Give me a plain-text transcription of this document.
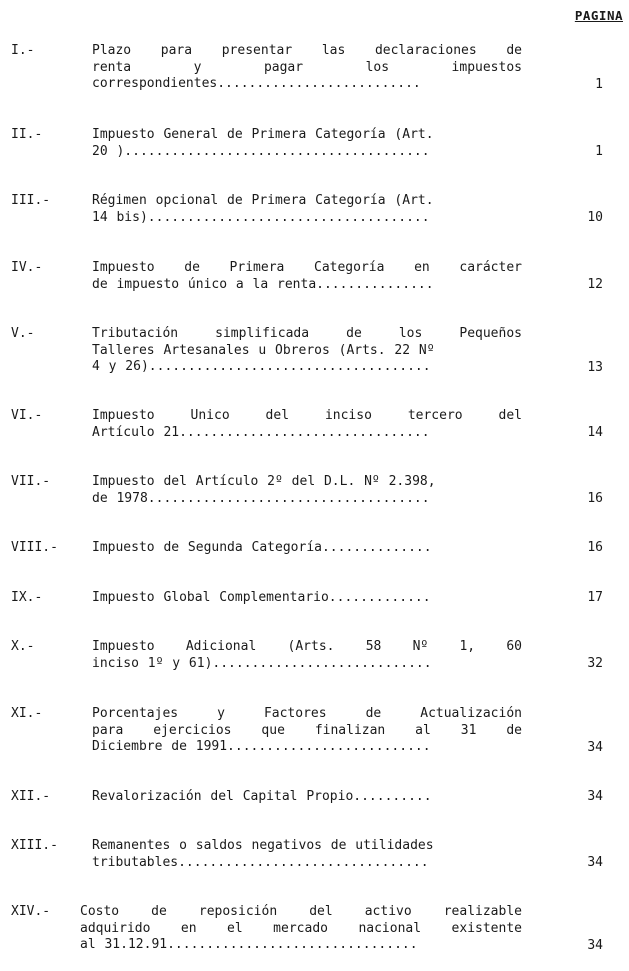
PAGINA
I.-	Plazo para presentar las declaraciones de
renta y pagar los impuestos
correspondientes..........................	1
II.-	Impuesto General de Primera Categoría (Art.
20 ).......................................	1
III.-	Régimen opcional de Primera Categoría (Art.
14 bis)....................................	10
IV.-	Impuesto de Primera Categoría en carácter
de impuesto único a la renta...............	12
V.-	Tributación simplificada de los Pequeños
Talleres Artesanales u Obreros (Arts. 22 Nº
4 y 26)....................................	13
VI.-	Impuesto Unico del inciso tercero del
Artículo 21................................	14
VII.-	Impuesto del Artículo 2º del D.L. Nº 2.398,
de 1978....................................	16
VIII.-	Impuesto de Segunda Categoría..............	16
IX.-	Impuesto Global Complementario.............	17
X.-	Impuesto Adicional (Arts. 58 Nº 1, 60
inciso 1º y 61)............................	32
XI.-	Porcentajes y Factores de Actualización
para ejercicios que finalizan al 31 de
Diciembre de 1991..........................	34
XII.-	Revalorización del Capital Propio..........	34
XIII.-	Remanentes o saldos negativos de utilidades
tributables................................	34
XIV.- Costo de reposición del activo realizable
adquirido en el mercado nacional existente
al 31.12.91................................	34
